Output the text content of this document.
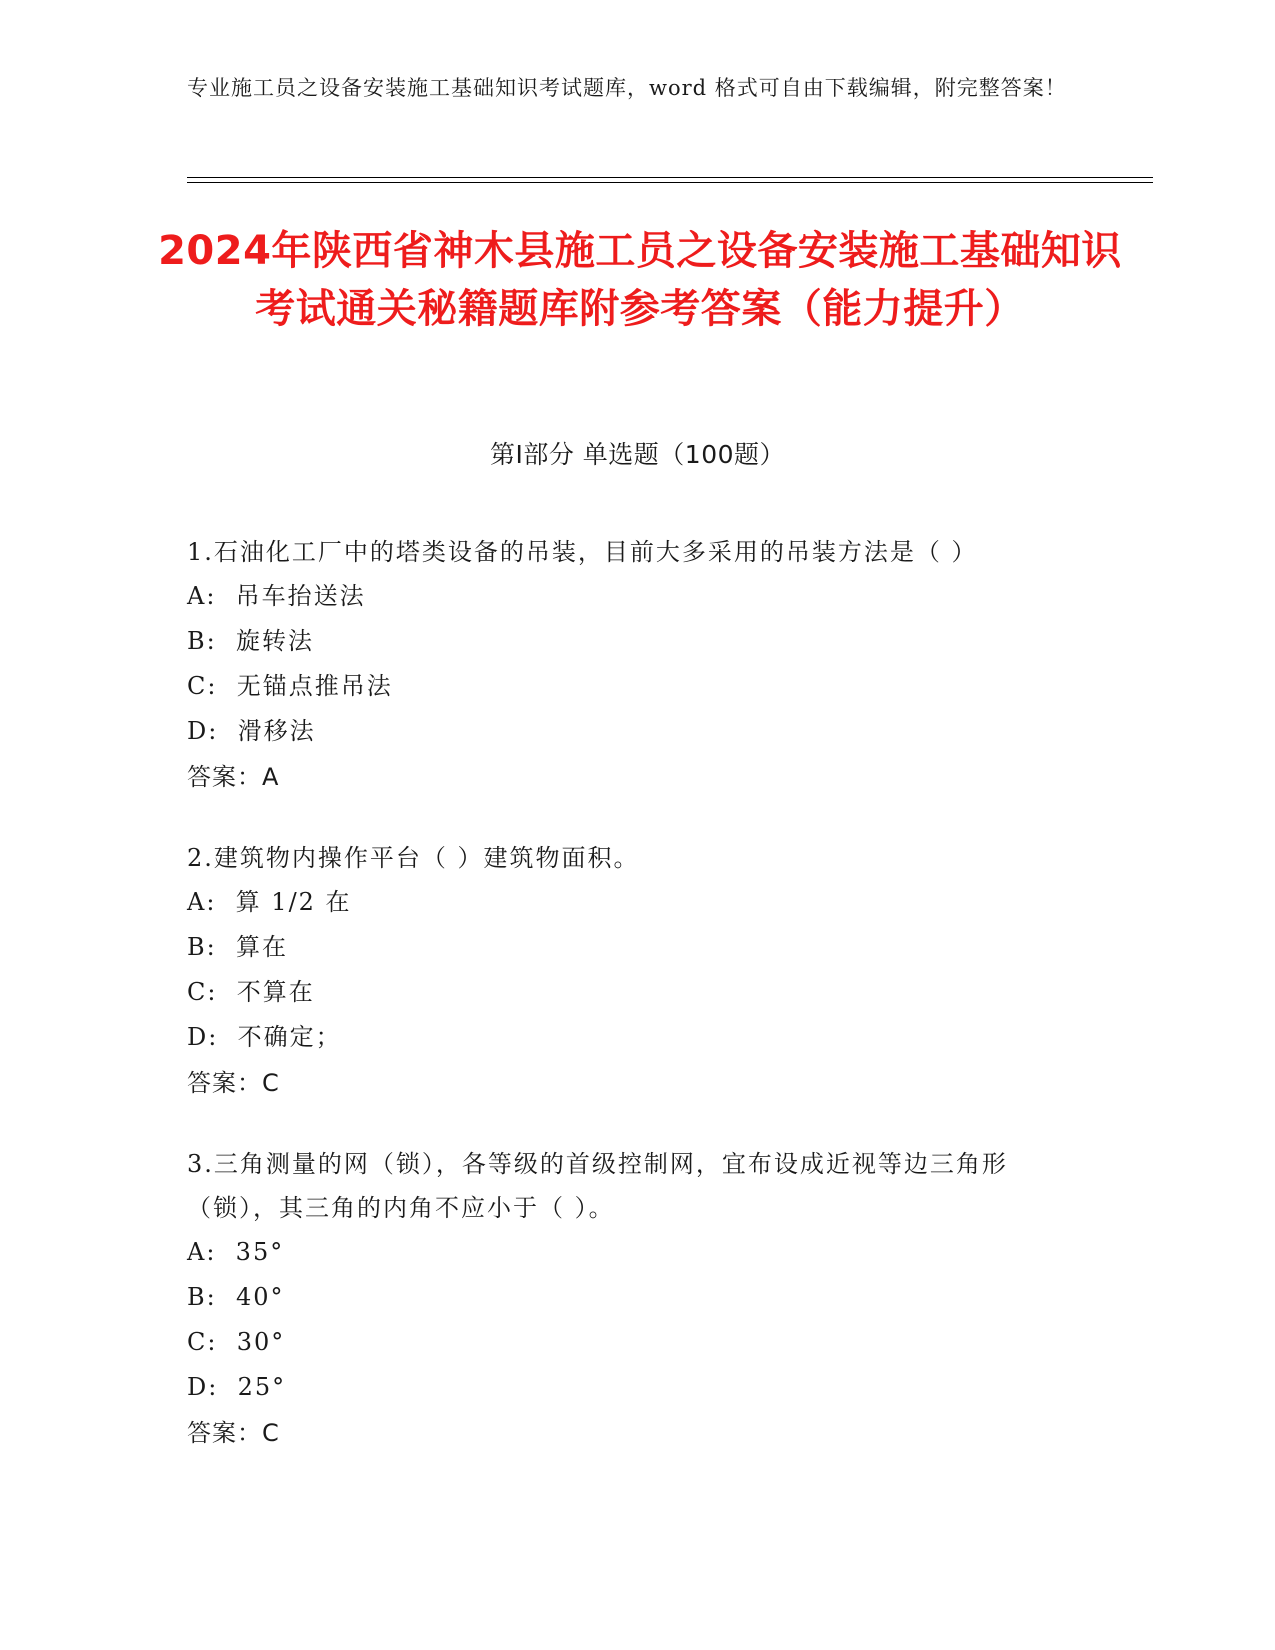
专业施工员之设备安装施工基础知识考试题库，word 格式可自由下载编辑，附完整答案！
2024年陕西省神木县施工员之设备安装施工基础知识考试通关秘籍题库附参考答案（能力提升）
第Ⅰ部分 单选题（100题）
1.石油化工厂中的塔类设备的吊装，目前大多采用的吊装方法是（ ）
A:  吊车抬送法
B:  旋转法
C:  无锚点推吊法
D:  滑移法
答案：A
2.建筑物内操作平台（ ）建筑物面积。
A:  算 1/2 在
B:  算在
C:  不算在
D:  不确定；
答案：C
3.三角测量的网（锁），各等级的首级控制网，宜布设成近视等边三角形（锁），其三角的内角不应小于（ ）。
A:  35°
B:  40°
C:  30°
D:  25°
答案：C
